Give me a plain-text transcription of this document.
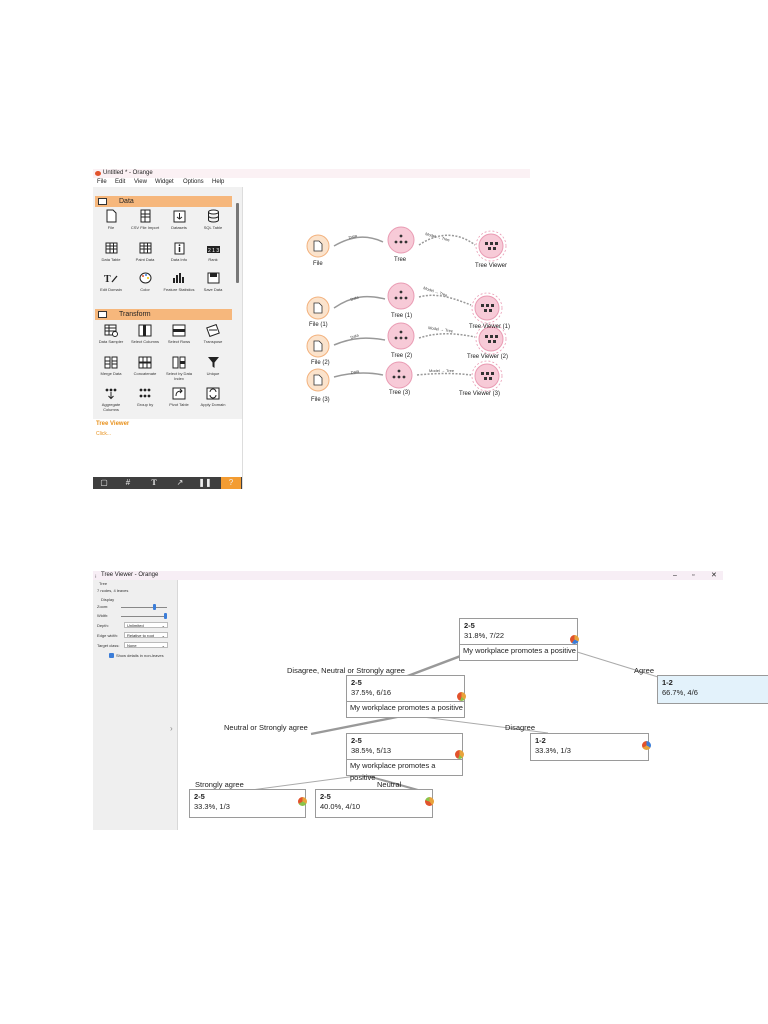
Untitled * - Orange
File Edit View Widget Options Help
Data
File	CSV File Import	Datasets	SQL Table
Data Table	Paint Data	Data Info
2 1 3
Rank
T
Edit Domain	Color	Feature Statistics	Save Data
Transform
Data Sampler	Select Columns	Select Rows	Transpose
Merge Data	Concatenate	Select by Data Index
Unique
Aggregate Columns
Group by	Pivot Table	Apply Domain
Tree Viewer
Click...
▢	#	T	↗	❚❚	?
Data	Model → Tree
Data
Model → Tree
Data
Model → Tree
Data	Model → Tree
File
Tree
Tree Viewer
File (1)
Tree (1)
Tree Viewer (1)
File (2)
Tree (2)	Tree Viewer (2)
File (3)
Tree (3)	Tree Viewer (3)
⁝ Tree Viewer - Orange	– ▫ ✕
Tree
7 nodes, 4 leaves
Display
Zoom:
Width:
Depth:	Unlimited	⌄
Edge width:	Relative to root ⌄
Target class:	None	⌄
Show details in non-leaves
›
Disagree, Neutral or Strongly agree	Agree
Neutral or Strongly agree	Disagree
Strongly agree	Neutral
2-5
31.8%, 7/22
My workplace promotes a positive
2-5
37.5%, 6/16
My workplace promotes a positive
1-2
66.7%, 4/6
2-5
38.5%, 5/13
My workplace promotes a positive
1-2
33.3%, 1/3
2-5
33.3%, 1/3
2-5
40.0%, 4/10
